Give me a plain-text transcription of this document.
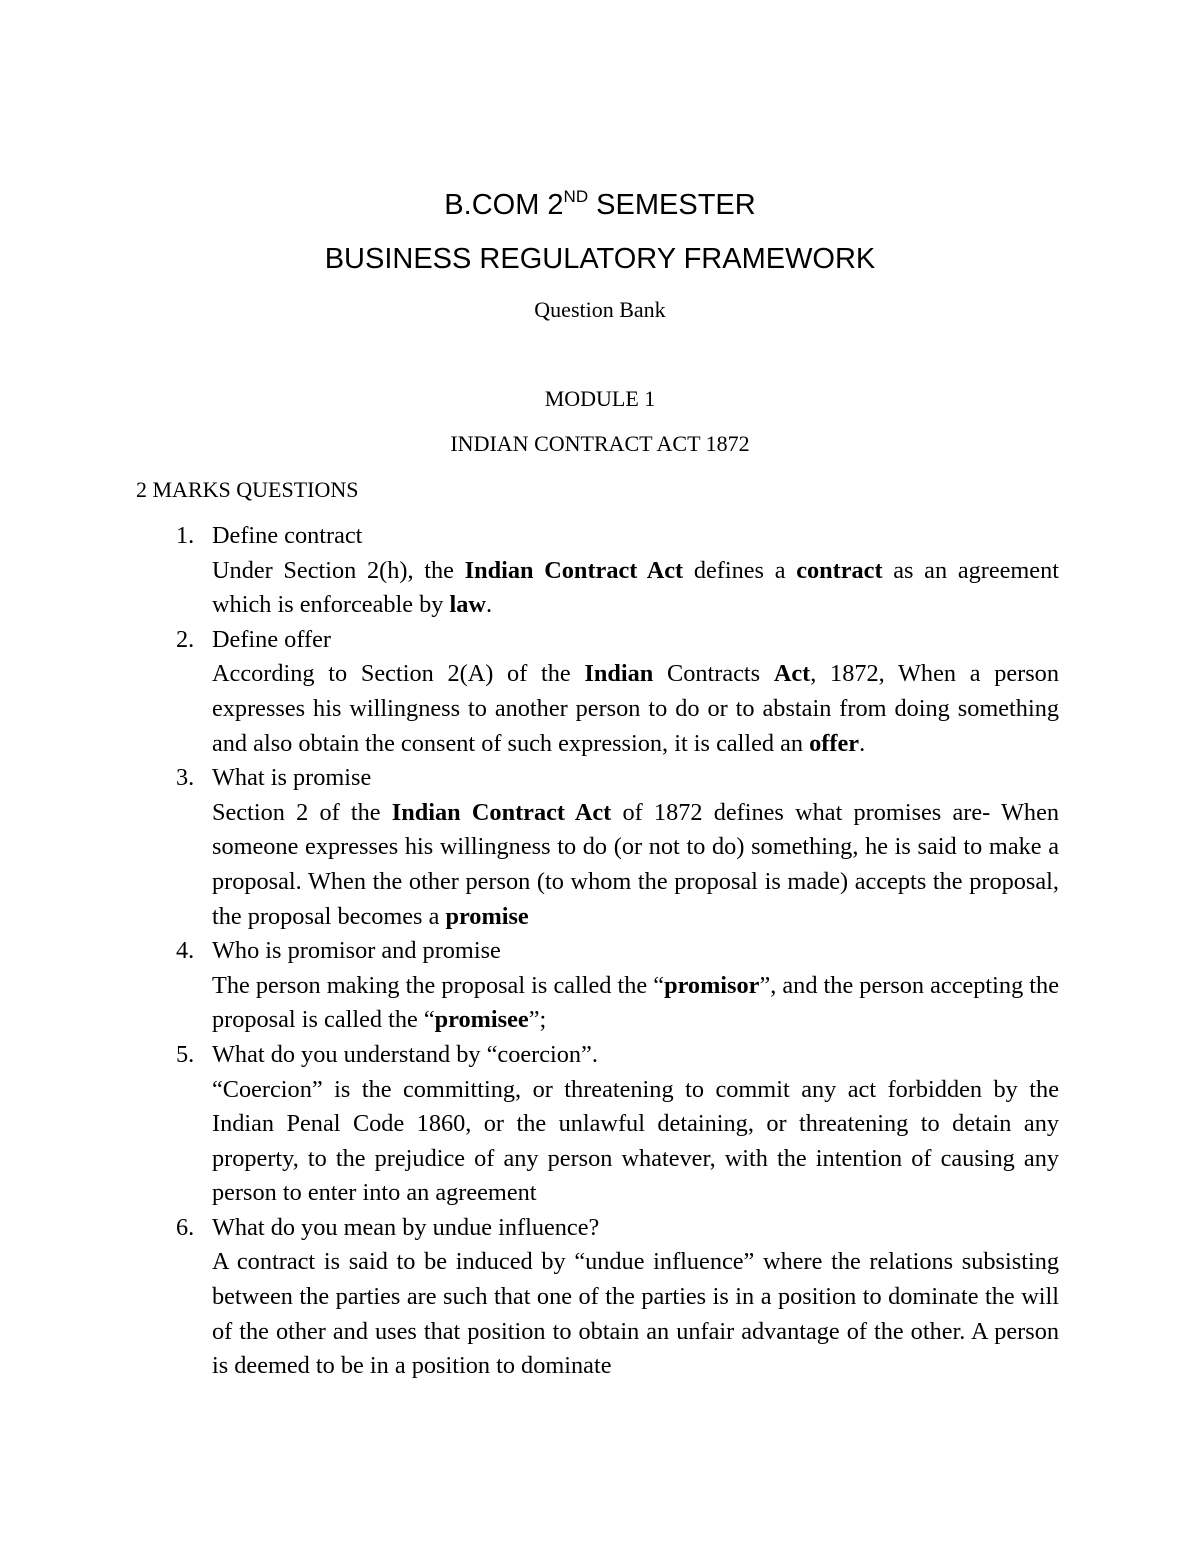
B.COM 2ND SEMESTER
BUSINESS REGULATORY FRAMEWORK
Question Bank
MODULE 1
INDIAN CONTRACT ACT 1872
2 MARKS QUESTIONS
1. Define contract
Under Section 2(h), the Indian Contract Act defines a contract as an agreement which is enforceable by law.
2. Define offer
According to Section 2(A) of the Indian Contracts Act, 1872, When a person expresses his willingness to another person to do or to abstain from doing something and also obtain the consent of such expression, it is called an offer.
3. What is promise
Section 2 of the Indian Contract Act of 1872 defines what promises are- When someone expresses his willingness to do (or not to do) something, he is said to make a proposal. When the other person (to whom the proposal is made) accepts the proposal, the proposal becomes a promise
4. Who is promisor and promise
The person making the proposal is called the “promisor”, and the person accepting the proposal is called the “promisee”;
5. What do you understand by “coercion”.
“Coercion” is the committing, or threatening to commit any act forbidden by the Indian Penal Code 1860, or the unlawful detaining, or threatening to detain any property, to the prejudice of any person whatever, with the intention of causing any person to enter into an agreement
6. What do you mean by undue influence?
A contract is said to be induced by “undue influence” where the relations subsisting between the parties are such that one of the parties is in a position to dominate the will of the other and uses that position to obtain an unfair advantage of the other. A person is deemed to be in a position to dominate
